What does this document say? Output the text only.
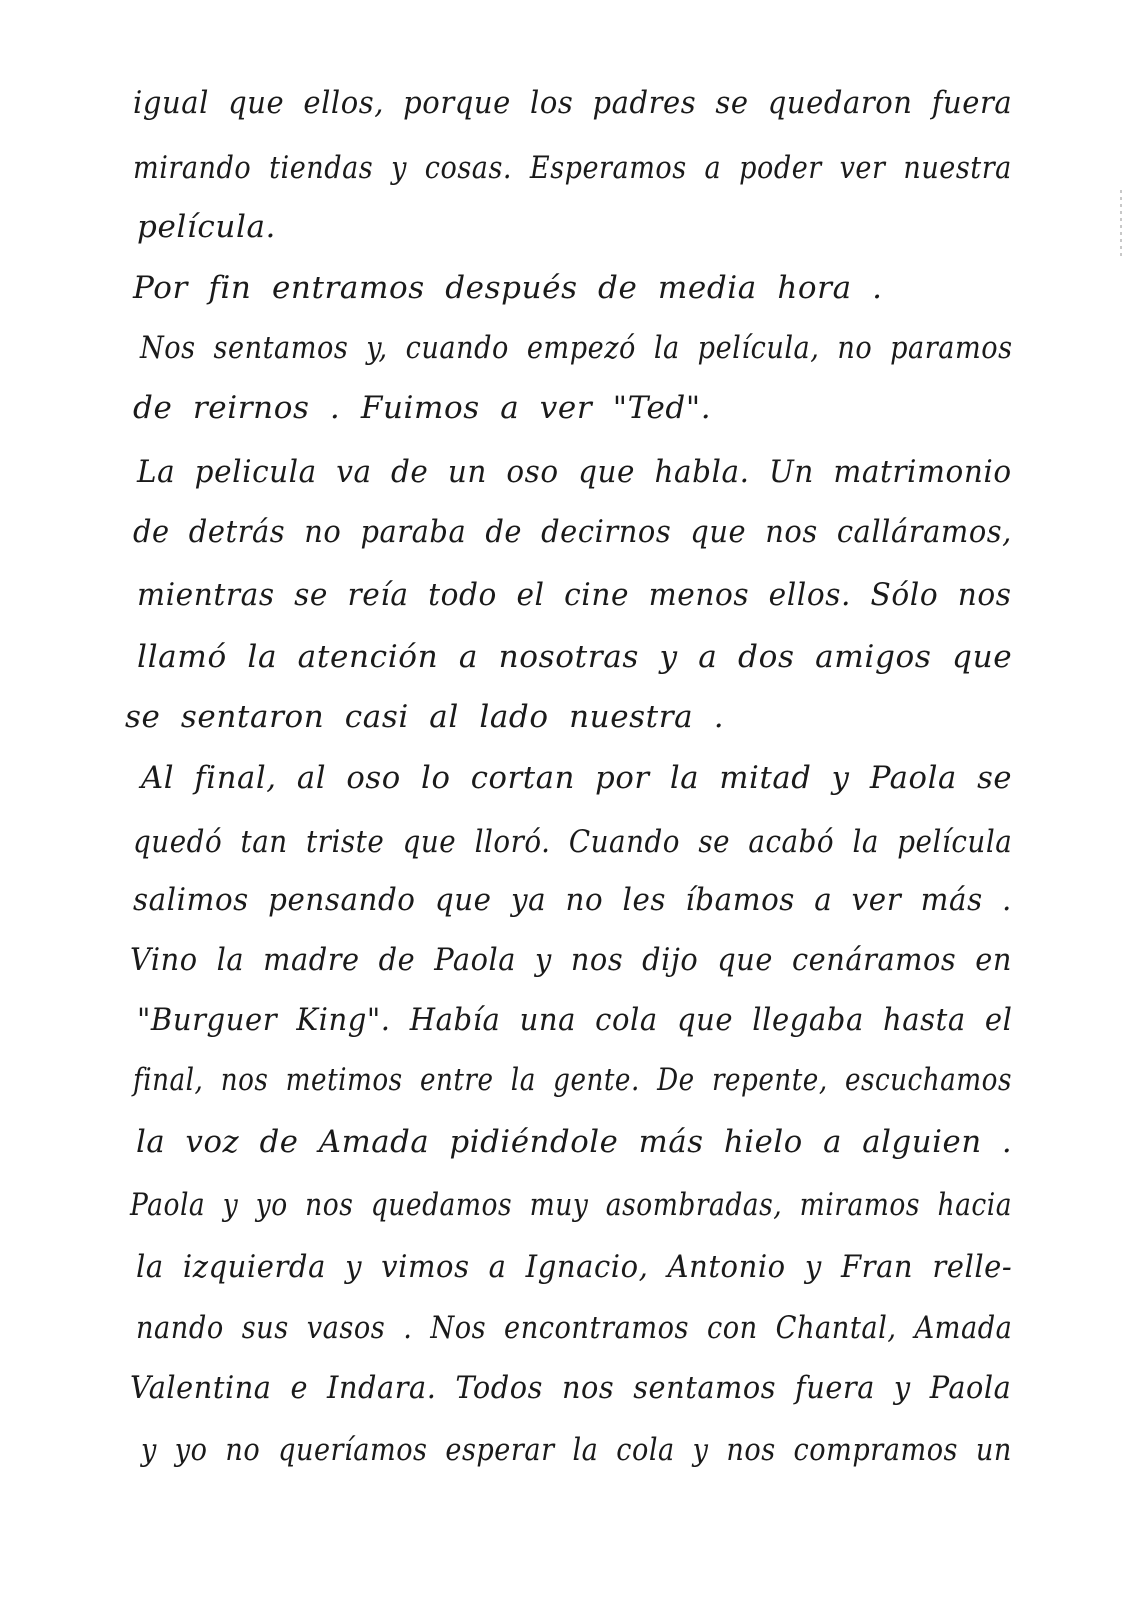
igual que ellos, porque los padres se quedaron fuera
mirando tiendas y cosas. Esperamos a poder ver nuestra
película.
Por fin entramos después de media hora .
Nos sentamos y, cuando empezó la película, no paramos
de reirnos . Fuimos a ver "Ted".
La pelicula va de un oso que habla. Un matrimonio
de detrás no paraba de decirnos que nos calláramos,
mientras se reía todo el cine menos ellos. Sólo nos
llamó la atención a nosotras y a dos amigos que
se sentaron casi al lado nuestra .
Al final, al oso lo cortan por la mitad y Paola se
quedó tan triste que lloró. Cuando se acabó la película
salimos pensando que ya no les íbamos a ver más .
Vino la madre de Paola y nos dijo que cenáramos en
"Burguer King". Había una cola que llegaba hasta el
final, nos metimos entre la gente. De repente, escuchamos
la voz de Amada pidiéndole más hielo a alguien .
Paola y yo nos quedamos muy asombradas, miramos hacia
la izquierda y vimos a Ignacio, Antonio y Fran relle-
nando sus vasos . Nos encontramos con Chantal, Amada
Valentina e Indara. Todos nos sentamos fuera y Paola
y yo no queríamos esperar la cola y nos compramos un
